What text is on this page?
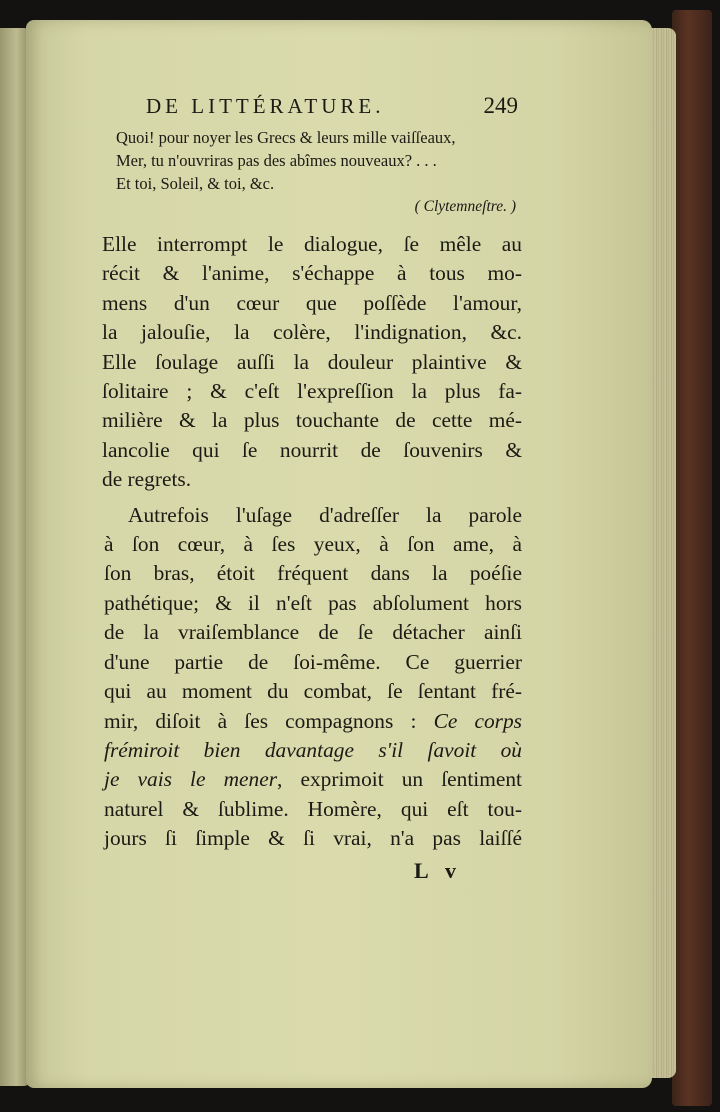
DE LITTÉRATURE.	249
Quoi! pour noyer les Grecs & leurs mille vaiſſeaux,
Mer, tu n'ouvriras pas des abîmes nouveaux? . . .
Et toi, Soleil, & toi, &c.
( Clytemneſtre. )
Elle interrompt le dialogue, ſe mêle au
récit & l'anime, s'échappe à tous mo-
mens d'un cœur que poſſède l'amour,
la jalouſie, la colère, l'indignation, &c.
Elle ſoulage auſſi la douleur plaintive &
ſolitaire ; & c'eſt l'expreſſion la plus fa-
milière & la plus touchante de cette mé-
lancolie qui ſe nourrit de ſouvenirs &
de regrets.
Autrefois l'uſage d'adreſſer la parole
à ſon cœur, à ſes yeux, à ſon ame, à
ſon bras, étoit fréquent dans la poéſie
pathétique; & il n'eſt pas abſolument hors
de la vraiſemblance de ſe détacher ainſi
d'une partie de ſoi-même. Ce guerrier
qui au moment du combat, ſe ſentant fré-
mir, diſoit à ſes compagnons : Ce corps
frémiroit bien davantage s'il ſavoit où
je vais le mener, exprimoit un ſentiment
naturel & ſublime. Homère, qui eſt tou-
jours ſi ſimple & ſi vrai, n'a pas laiſſé
L v
